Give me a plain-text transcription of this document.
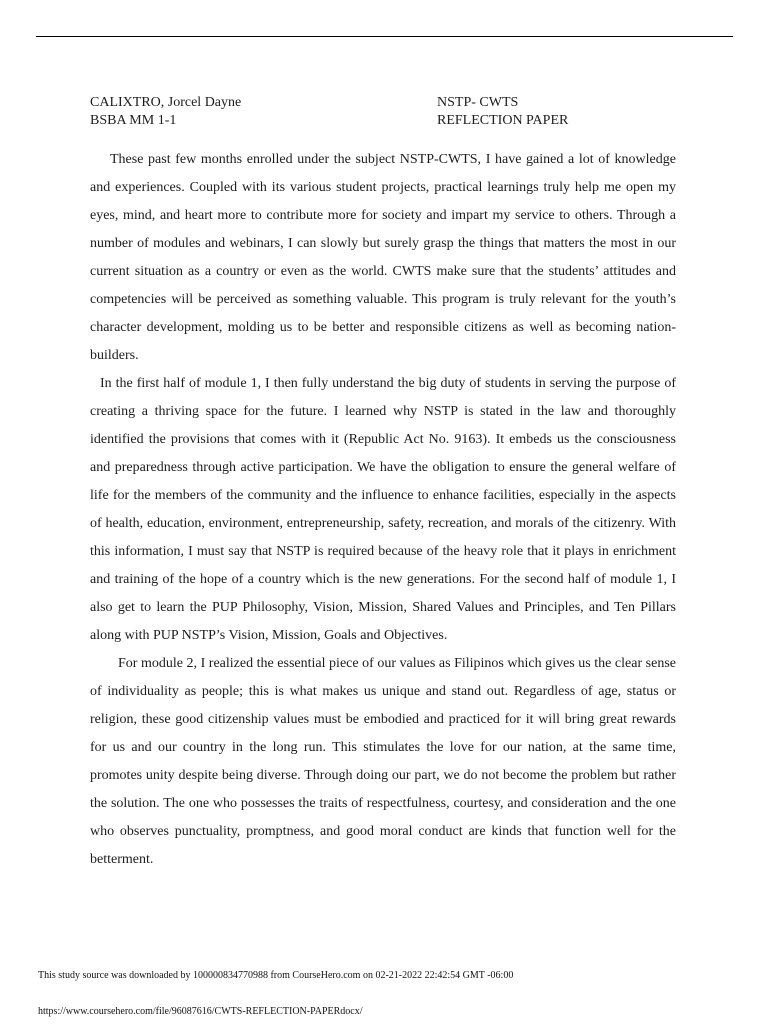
CALIXTRO, Jorcel Dayne	NSTP- CWTS
BSBA MM 1-1	REFLECTION PAPER

These past few months enrolled under the subject NSTP-CWTS, I have gained a lot of knowledge and experiences. Coupled with its various student projects, practical learnings truly help me open my eyes, mind, and heart more to contribute more for society and impart my service to others. Through a number of modules and webinars, I can slowly but surely grasp the things that matters the most in our current situation as a country or even as the world. CWTS make sure that the students’ attitudes and competencies will be perceived as something valuable. This program is truly relevant for the youth’s character development, molding us to be better and responsible citizens as well as becoming nation-builders.

In the first half of module 1, I then fully understand the big duty of students in serving the purpose of creating a thriving space for the future. I learned why NSTP is stated in the law and thoroughly identified the provisions that comes with it (Republic Act No. 9163). It embeds us the consciousness and preparedness through active participation. We have the obligation to ensure the general welfare of life for the members of the community and the influence to enhance facilities, especially in the aspects of health, education, environment, entrepreneurship, safety, recreation, and morals of the citizenry. With this information, I must say that NSTP is required because of the heavy role that it plays in enrichment and training of the hope of a country which is the new generations. For the second half of module 1, I also get to learn the PUP Philosophy, Vision, Mission, Shared Values and Principles, and Ten Pillars along with PUP NSTP’s Vision, Mission, Goals and Objectives.

For module 2, I realized the essential piece of our values as Filipinos which gives us the clear sense of individuality as people; this is what makes us unique and stand out. Regardless of age, status or religion, these good citizenship values must be embodied and practiced for it will bring great rewards for us and our country in the long run. This stimulates the love for our nation, at the same time, promotes unity despite being diverse. Through doing our part, we do not become the problem but rather the solution. The one who possesses the traits of respectfulness, courtesy, and consideration and the one who observes punctuality, promptness, and good moral conduct are kinds that function well for the betterment.

This study source was downloaded by 100000834770988 from CourseHero.com on 02-21-2022 22:42:54 GMT -06:00
https://www.coursehero.com/file/96087616/CWTS-REFLECTION-PAPERdocx/
